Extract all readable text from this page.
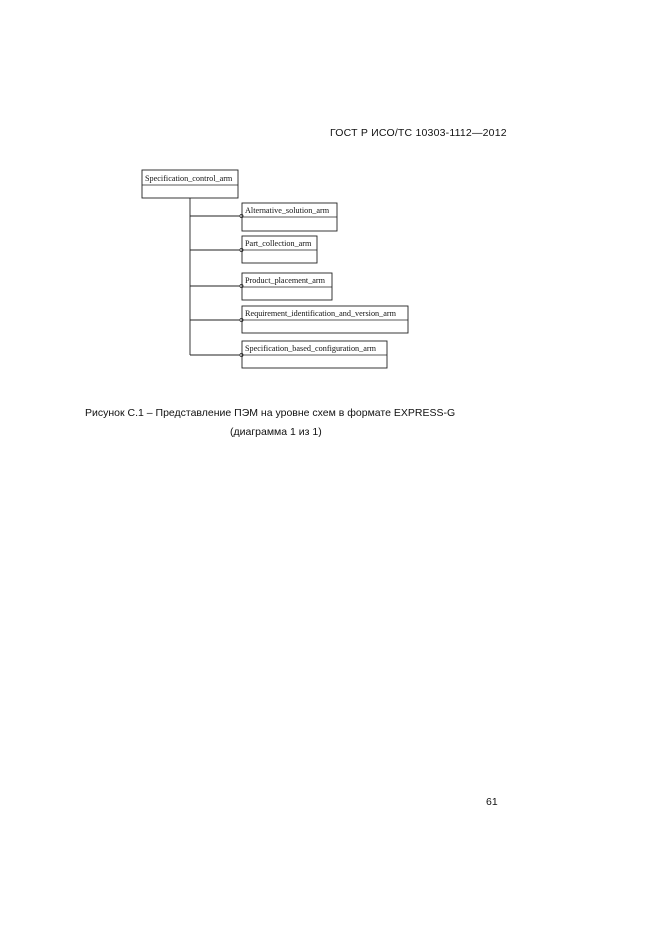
ГОСТ Р ИСО/ТС 10303-1112—2012
Specification_control_arm
Alternative_solution_arm
Part_collection_arm
Product_placement_arm
Requirement_identification_and_version_arm
Specification_based_configuration_arm
Рисунок C.1 – Представление ПЭМ на уровне схем в формате EXPRESS-G
(диаграмма 1 из 1)
61
